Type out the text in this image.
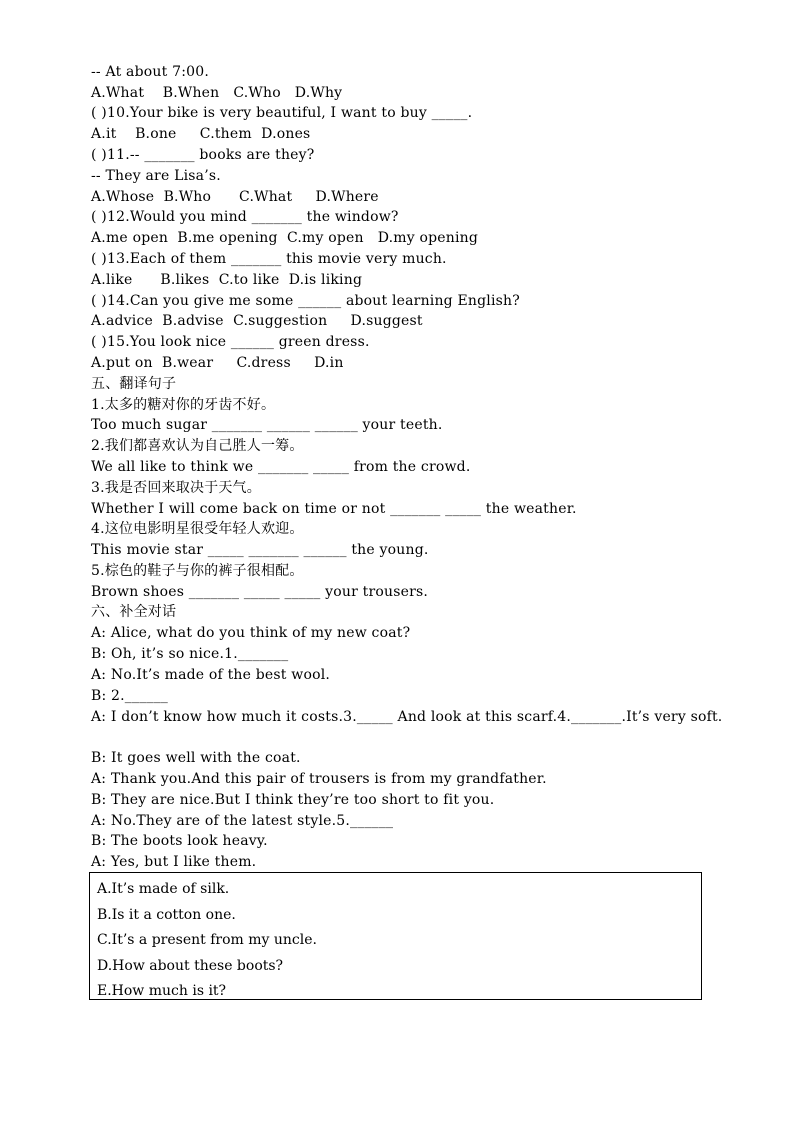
-- At about 7:00.
A.What    B.When   C.Who   D.Why
( )10.Your bike is very beautiful, I want to buy _____.
A.it    B.one     C.them  D.ones
( )11.-- _______ books are they?
-- They are Lisa’s.
A.Whose  B.Who      C.What     D.Where
( )12.Would you mind _______ the window?
A.me open  B.me opening  C.my open   D.my opening
( )13.Each of them _______ this movie very much.
A.like      B.likes  C.to like  D.is liking
( )14.Can you give me some ______ about learning English?
A.advice  B.advise  C.suggestion     D.suggest
( )15.You look nice ______ green dress.
A.put on  B.wear     C.dress     D.in
五、翻译句子
1.太多的糖对你的牙齿不好。
Too much sugar _______ ______ ______ your teeth.
2.我们都喜欢认为自己胜人一筹。
We all like to think we _______ _____ from the crowd.
3.我是否回来取决于天气。
Whether I will come back on time or not _______ _____ the weather.
4.这位电影明星很受年轻人欢迎。
This movie star _____ _______ ______ the young.
5.棕色的鞋子与你的裤子很相配。
Brown shoes _______ _____ _____ your trousers.
六、补全对话
A: Alice, what do you think of my new coat?
B: Oh, it’s so nice.1._______
A: No.It’s made of the best wool.
B: 2.______
A: I don’t know how much it costs.3._____ And look at this scarf.4._______.It’s very soft.
B: It goes well with the coat.
A: Thank you.And this pair of trousers is from my grandfather.
B: They are nice.But I think they’re too short to fit you.
A: No.They are of the latest style.5.______
B: The boots look heavy.
A: Yes, but I like them.
A.It’s made of silk.
B.Is it a cotton one.
C.It’s a present from my uncle.
D.How about these boots?
E.How much is it?
